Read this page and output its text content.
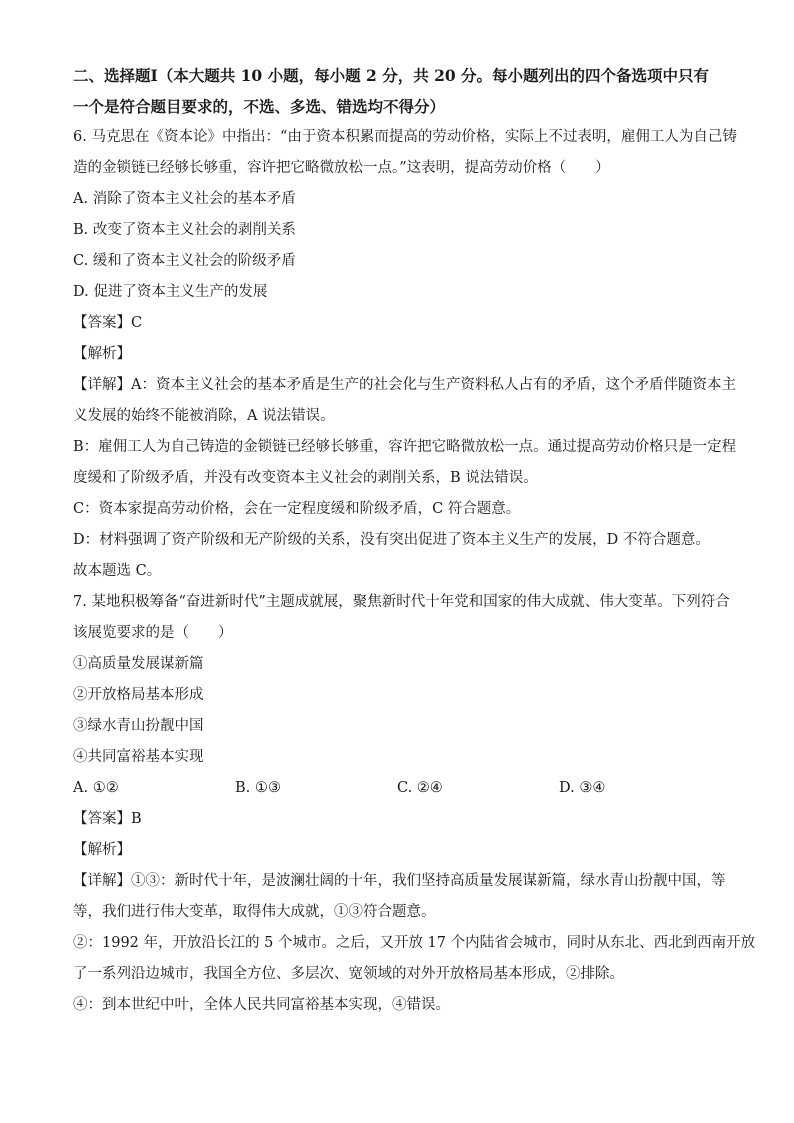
二、选择题Ⅰ（本大题共 10 小题，每小题 2 分，共 20 分。每小题列出的四个备选项中只有
一个是符合题目要求的，不选、多选、错选均不得分）
6. 马克思在《资本论》中指出：“由于资本积累而提高的劳动价格，实际上不过表明，雇佣工人为自己铸
造的金锁链已经够长够重，容许把它略微放松一点。”这表明，提高劳动价格（　　）
A. 消除了资本主义社会的基本矛盾
B. 改变了资本主义社会的剥削关系
C. 缓和了资本主义社会的阶级矛盾
D. 促进了资本主义生产的发展
【答案】C
【解析】
【详解】A：资本主义社会的基本矛盾是生产的社会化与生产资料私人占有的矛盾，这个矛盾伴随资本主
义发展的始终不能被消除，A 说法错误。
B：雇佣工人为自己铸造的金锁链已经够长够重，容许把它略微放松一点。通过提高劳动价格只是一定程
度缓和了阶级矛盾，并没有改变资本主义社会的剥削关系，B 说法错误。
C：资本家提高劳动价格，会在一定程度缓和阶级矛盾，C 符合题意。
D：材料强调了资产阶级和无产阶级的关系，没有突出促进了资本主义生产的发展，D 不符合题意。
故本题选 C。
7. 某地积极筹备“奋进新时代”主题成就展，聚焦新时代十年党和国家的伟大成就、伟大变革。下列符合
该展览要求的是（　　）
①高质量发展谋新篇
②开放格局基本形成
③绿水青山扮靓中国
④共同富裕基本实现
A. ①②	B. ①③	C. ②④	D. ③④
【答案】B
【解析】
【详解】①③：新时代十年，是波澜壮阔的十年，我们坚持高质量发展谋新篇，绿水青山扮靓中国，等
等，我们进行伟大变革，取得伟大成就，①③符合题意。
②：1992 年，开放沿长江的 5 个城市。之后，又开放 17 个内陆省会城市，同时从东北、西北到西南开放
了一系列沿边城市，我国全方位、多层次、宽领域的对外开放格局基本形成，②排除。
④：到本世纪中叶，全体人民共同富裕基本实现，④错误。
